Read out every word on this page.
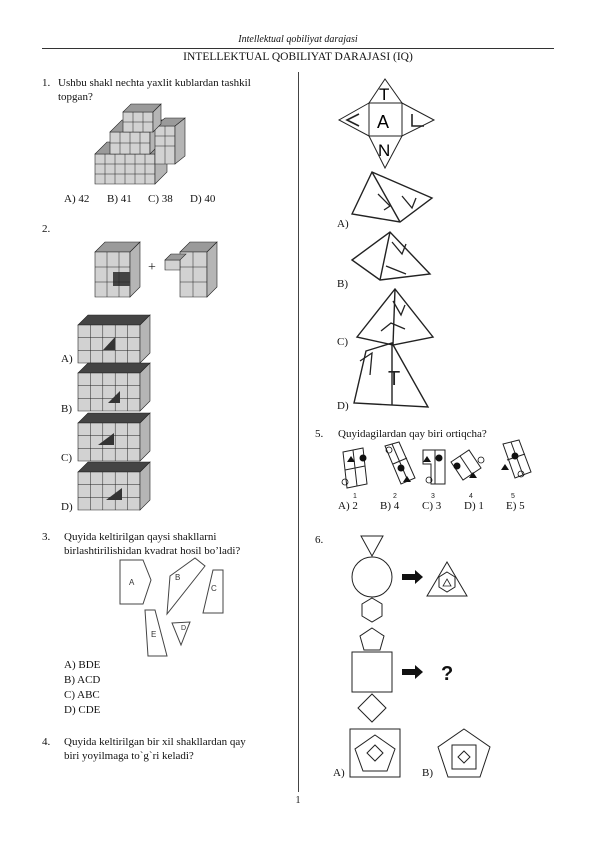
Intellektual qobiliyat darajasi
INTELLEKTUAL QOBILIYAT DARAJASI (IQ)
1. Ushbu shakl nechta yaxlit kublardan tashkil
topgan?
A) 42 B) 41 C) 38 D) 40
2.
+
A)
B)
C)
D)
3. Quyida keltirilgan qaysi shakllarni
birlashtirilishidan kvadrat hosil bo’ladi?
A
B
C
D
E
A) BDE
B) ACD
C) ABC
D) CDE
4. Quyida keltirilgan bir xil shakllardan qay
biri yoyilmaga to`g`ri keladi?
T
A
N
T
A)
B)
C)
D)
5. Quyidagilardan qay biri ortiqcha?
1	2	3	4	5
A) 2 B) 4 C) 3 D) 1 E) 5
6.
?
A)	B)
1
